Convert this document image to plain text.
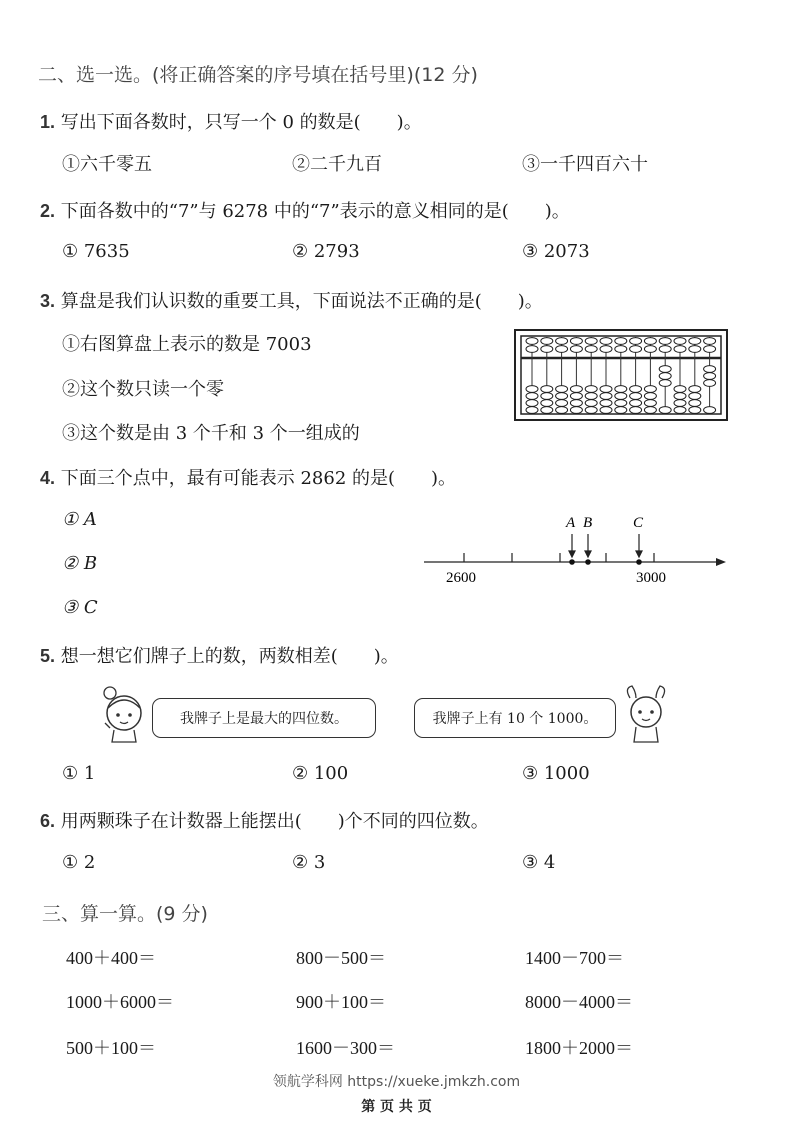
二、选一选。(将正确答案的序号填在括号里)(12 分)
1. 写出下面各数时，只写一个 0 的数是(　　)。
①六千零五	②二千九百	③一千四百六十
2. 下面各数中的“7”与 6278 中的“7”表示的意义相同的是(　　)。
① 7635	② 2793	③ 2073
3. 算盘是我们认识数的重要工具，下面说法不正确的是(　　)。
①右图算盘上表示的数是 7003
②这个数只读一个零
③这个数是由 3 个千和 3 个一组成的
4. 下面三个点中，最有可能表示 2862 的是(　　)。
① A
② B
③ C
A B	C
2600	3000
5. 想一想它们牌子上的数，两数相差(　　)。
我牌子上是最大的四位数。	我牌子上有 10 个 1000。
① 1	② 100	③ 1000
6. 用两颗珠子在计数器上能摆出(　　)个不同的四位数。
① 2	② 3	③ 4
三、算一算。(9 分)
400＋400＝	800－500＝	1400－700＝
1000＋6000＝	900＋100＝	8000－4000＝
500＋100＝	1600－300＝	1800＋2000＝
领航学科网 https://xueke.jmkzh.com
第 页 共 页
